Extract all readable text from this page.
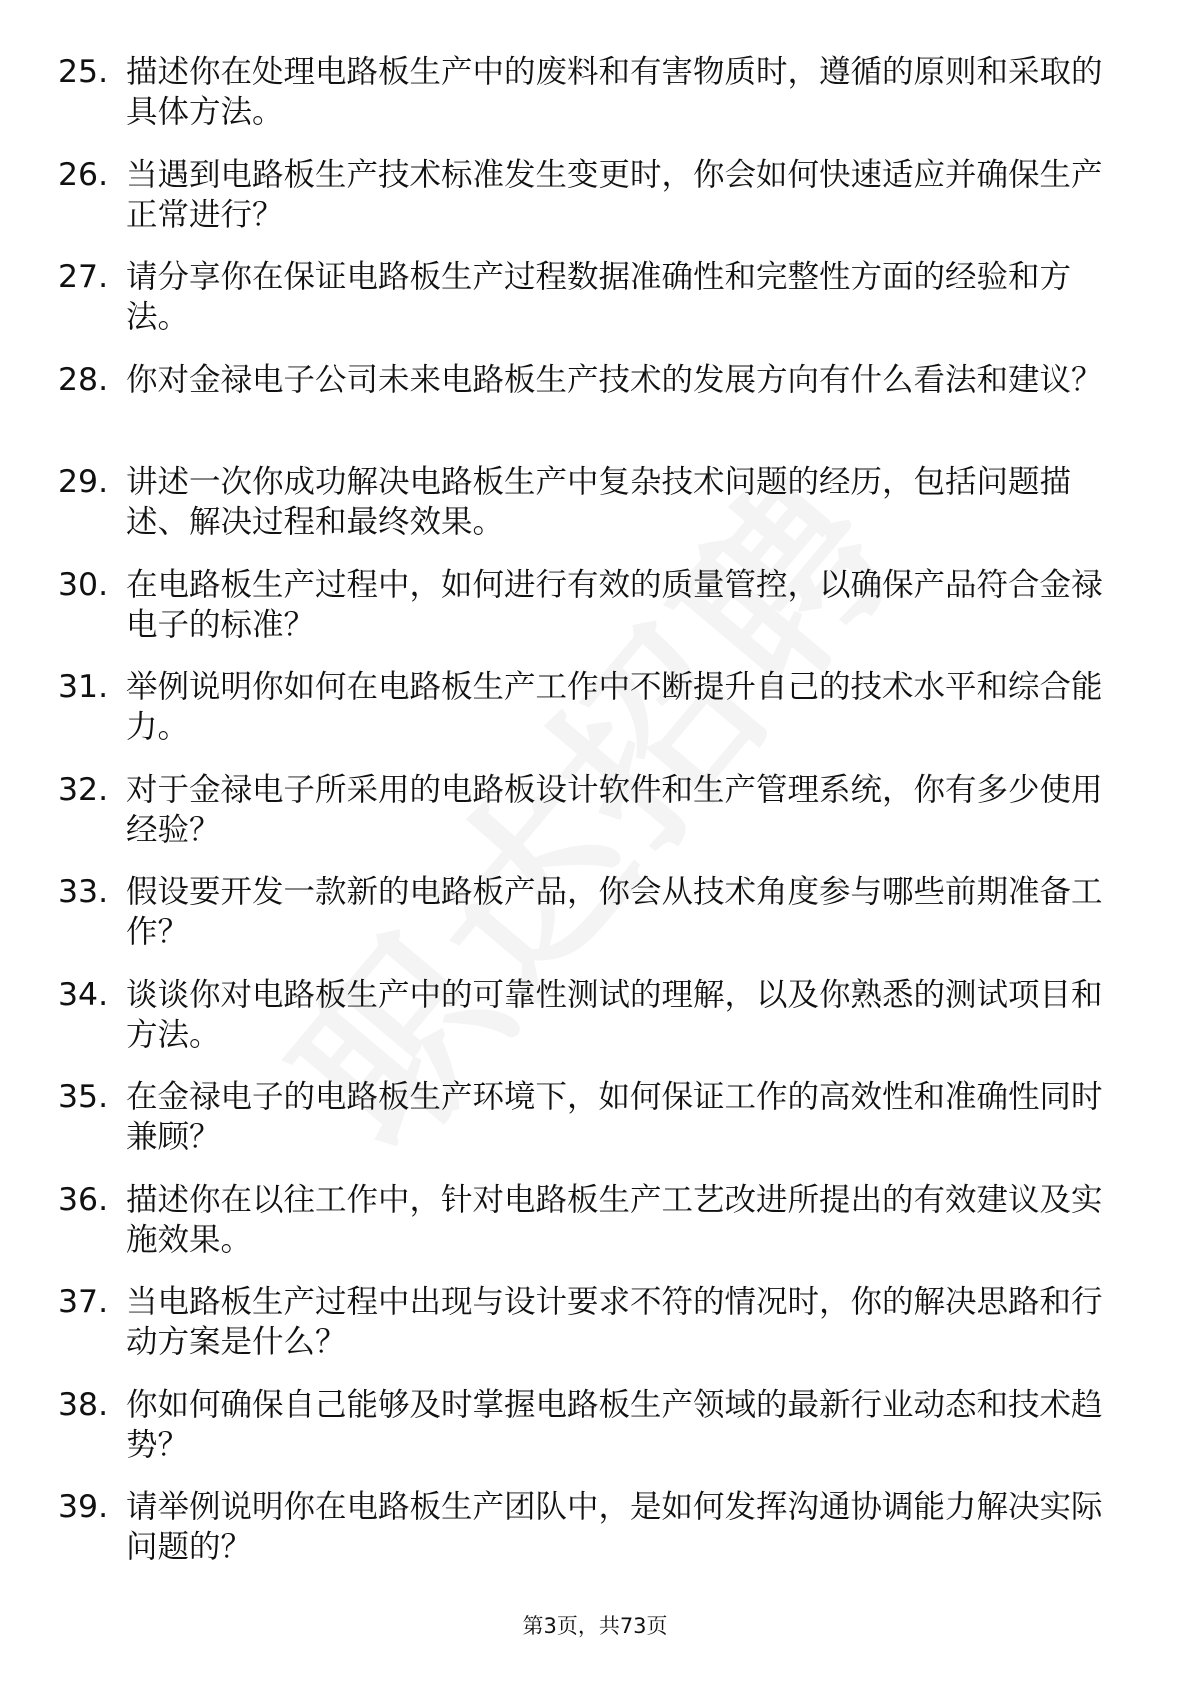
25. 描述你在处理电路板生产中的废料和有害物质时，遵循的原则和采取的具体方法。
26. 当遇到电路板生产技术标准发生变更时，你会如何快速适应并确保生产正常进行？
27. 请分享你在保证电路板生产过程数据准确性和完整性方面的经验和方法。
28. 你对金禄电子公司未来电路板生产技术的发展方向有什么看法和建议？
29. 讲述一次你成功解决电路板生产中复杂技术问题的经历，包括问题描述、解决过程和最终效果。
30. 在电路板生产过程中，如何进行有效的质量管控，以确保产品符合金禄电子的标准？
31. 举例说明你如何在电路板生产工作中不断提升自己的技术水平和综合能力。
32. 对于金禄电子所采用的电路板设计软件和生产管理系统，你有多少使用经验？
33. 假设要开发一款新的电路板产品，你会从技术角度参与哪些前期准备工作？
34. 谈谈你对电路板生产中的可靠性测试的理解，以及你熟悉的测试项目和方法。
35. 在金禄电子的电路板生产环境下，如何保证工作的高效性和准确性同时兼顾？
36. 描述你在以往工作中，针对电路板生产工艺改进所提出的有效建议及实施效果。
37. 当电路板生产过程中出现与设计要求不符的情况时，你的解决思路和行动方案是什么？
38. 你如何确保自己能够及时掌握电路板生产领域的最新行业动态和技术趋势？
39. 请举例说明你在电路板生产团队中，是如何发挥沟通协调能力解决实际问题的？
第3页，共73页
